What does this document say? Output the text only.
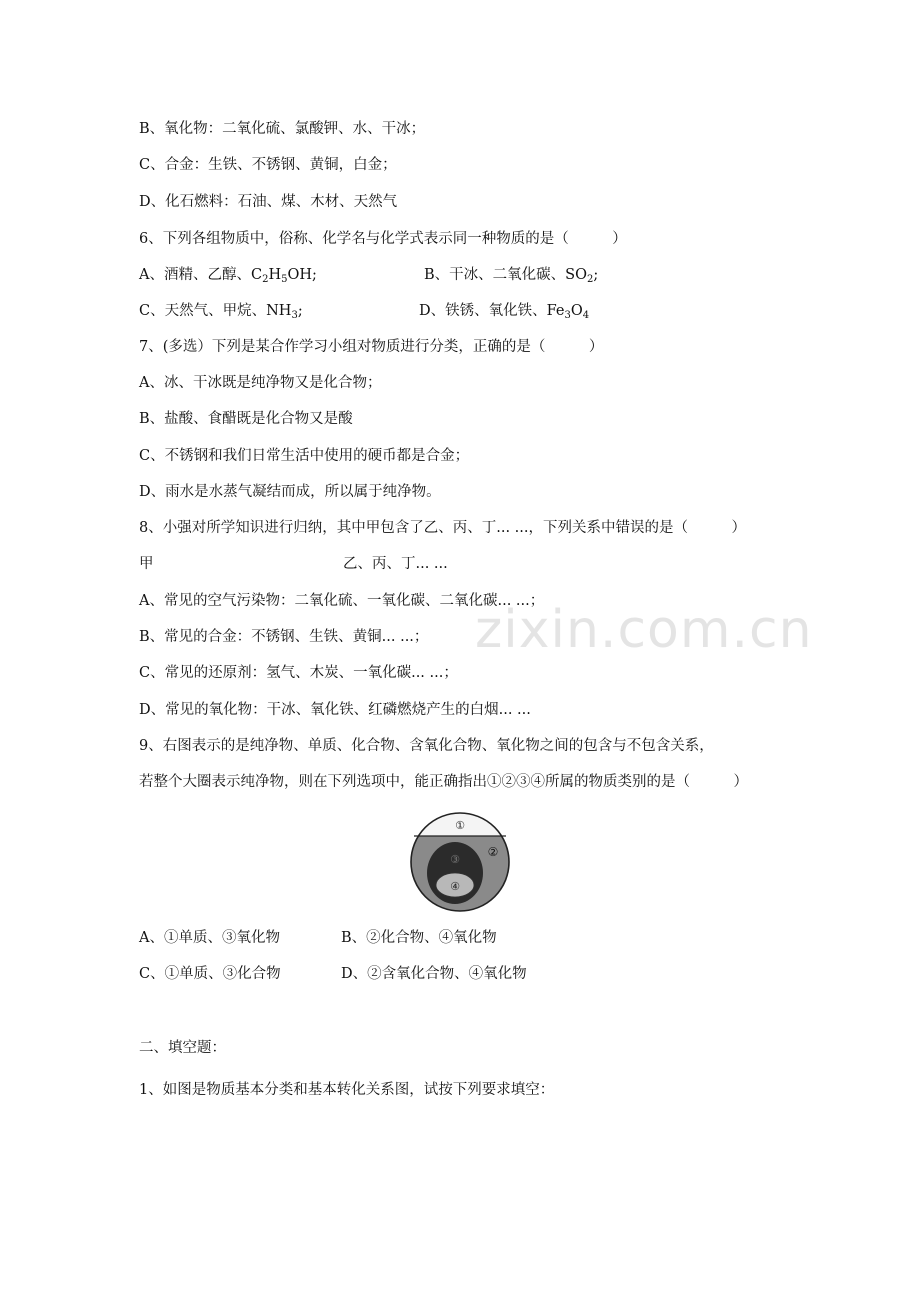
zixin.com.cn
B、氧化物：二氧化硫、氯酸钾、水、干冰；
C、合金：生铁、不锈钢、黄铜，白金；
D、化石燃料：石油、煤、木材、天然气
6、下列各组物质中，俗称、化学名与化学式表示同一种物质的是（　　　）
A、酒精、乙醇、$C_2H_5OH$;	B、干冰、二氧化碳、$SO_2$;
C、天然气、甲烷、$NH_3$;	D、铁锈、氧化铁、$Fe_3O_4$
7、(多选）下列是某合作学习小组对物质进行分类，正确的是（　　　）
A、冰、干冰既是纯净物又是化合物；
B、盐酸、食醋既是化合物又是酸
C、不锈钢和我们日常生活中使用的硬币都是合金；
D、雨水是水蒸气凝结而成，所以属于纯净物。
8、小强对所学知识进行归纳，其中甲包含了乙、丙、丁... ...，下列关系中错误的是（　　　）
甲	乙、丙、丁... ...
A、常见的空气污染物：二氧化硫、一氧化碳、二氧化碳... ...；
B、常见的合金：不锈钢、生铁、黄铜... ...；
C、常见的还原剂：氢气、木炭、一氧化碳... ...；
D、常见的氧化物：干冰、氧化铁、红磷燃烧产生的白烟... ...
9、右图表示的是纯净物、单质、化合物、含氧化合物、氧化物之间的包含与不包含关系，
若整个大圈表示纯净物，则在下列选项中，能正确指出①②③④所属的物质类别的是（　　　）
①
②
③
④
A、①单质、③氧化物	B、②化合物、④氧化物
C、①单质、③化合物	D、②含氧化合物、④氧化物
二、填空题：
1、如图是物质基本分类和基本转化关系图，试按下列要求填空：
